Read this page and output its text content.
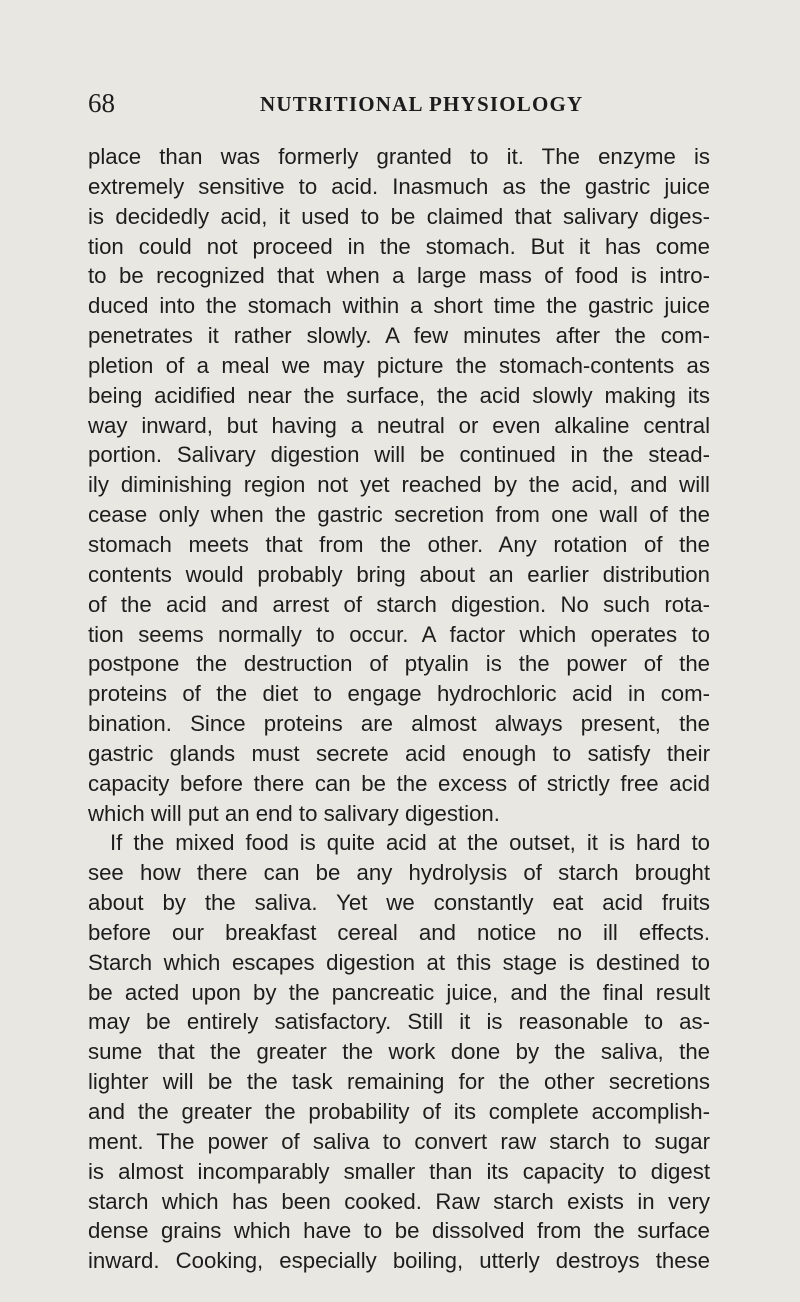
68	NUTRITIONAL PHYSIOLOGY
place than was formerly granted to it. The enzyme is
extremely sensitive to acid. Inasmuch as the gastric juice
is decidedly acid, it used to be claimed that salivary diges-
tion could not proceed in the stomach. But it has come
to be recognized that when a large mass of food is intro-
duced into the stomach within a short time the gastric juice
penetrates it rather slowly. A few minutes after the com-
pletion of a meal we may picture the stomach-contents as
being acidified near the surface, the acid slowly making its
way inward, but having a neutral or even alkaline central
portion. Salivary digestion will be continued in the stead-
ily diminishing region not yet reached by the acid, and will
cease only when the gastric secretion from one wall of the
stomach meets that from the other. Any rotation of the
contents would probably bring about an earlier distribution
of the acid and arrest of starch digestion. No such rota-
tion seems normally to occur. A factor which operates to
postpone the destruction of ptyalin is the power of the
proteins of the diet to engage hydrochloric acid in com-
bination. Since proteins are almost always present, the
gastric glands must secrete acid enough to satisfy their
capacity before there can be the excess of strictly free acid
which will put an end to salivary digestion.
If the mixed food is quite acid at the outset, it is hard to
see how there can be any hydrolysis of starch brought
about by the saliva. Yet we constantly eat acid fruits
before our breakfast cereal and notice no ill effects.
Starch which escapes digestion at this stage is destined to
be acted upon by the pancreatic juice, and the final result
may be entirely satisfactory. Still it is reasonable to as-
sume that the greater the work done by the saliva, the
lighter will be the task remaining for the other secretions
and the greater the probability of its complete accomplish-
ment. The power of saliva to convert raw starch to sugar
is almost incomparably smaller than its capacity to digest
starch which has been cooked. Raw starch exists in very
dense grains which have to be dissolved from the surface
inward. Cooking, especially boiling, utterly destroys these
